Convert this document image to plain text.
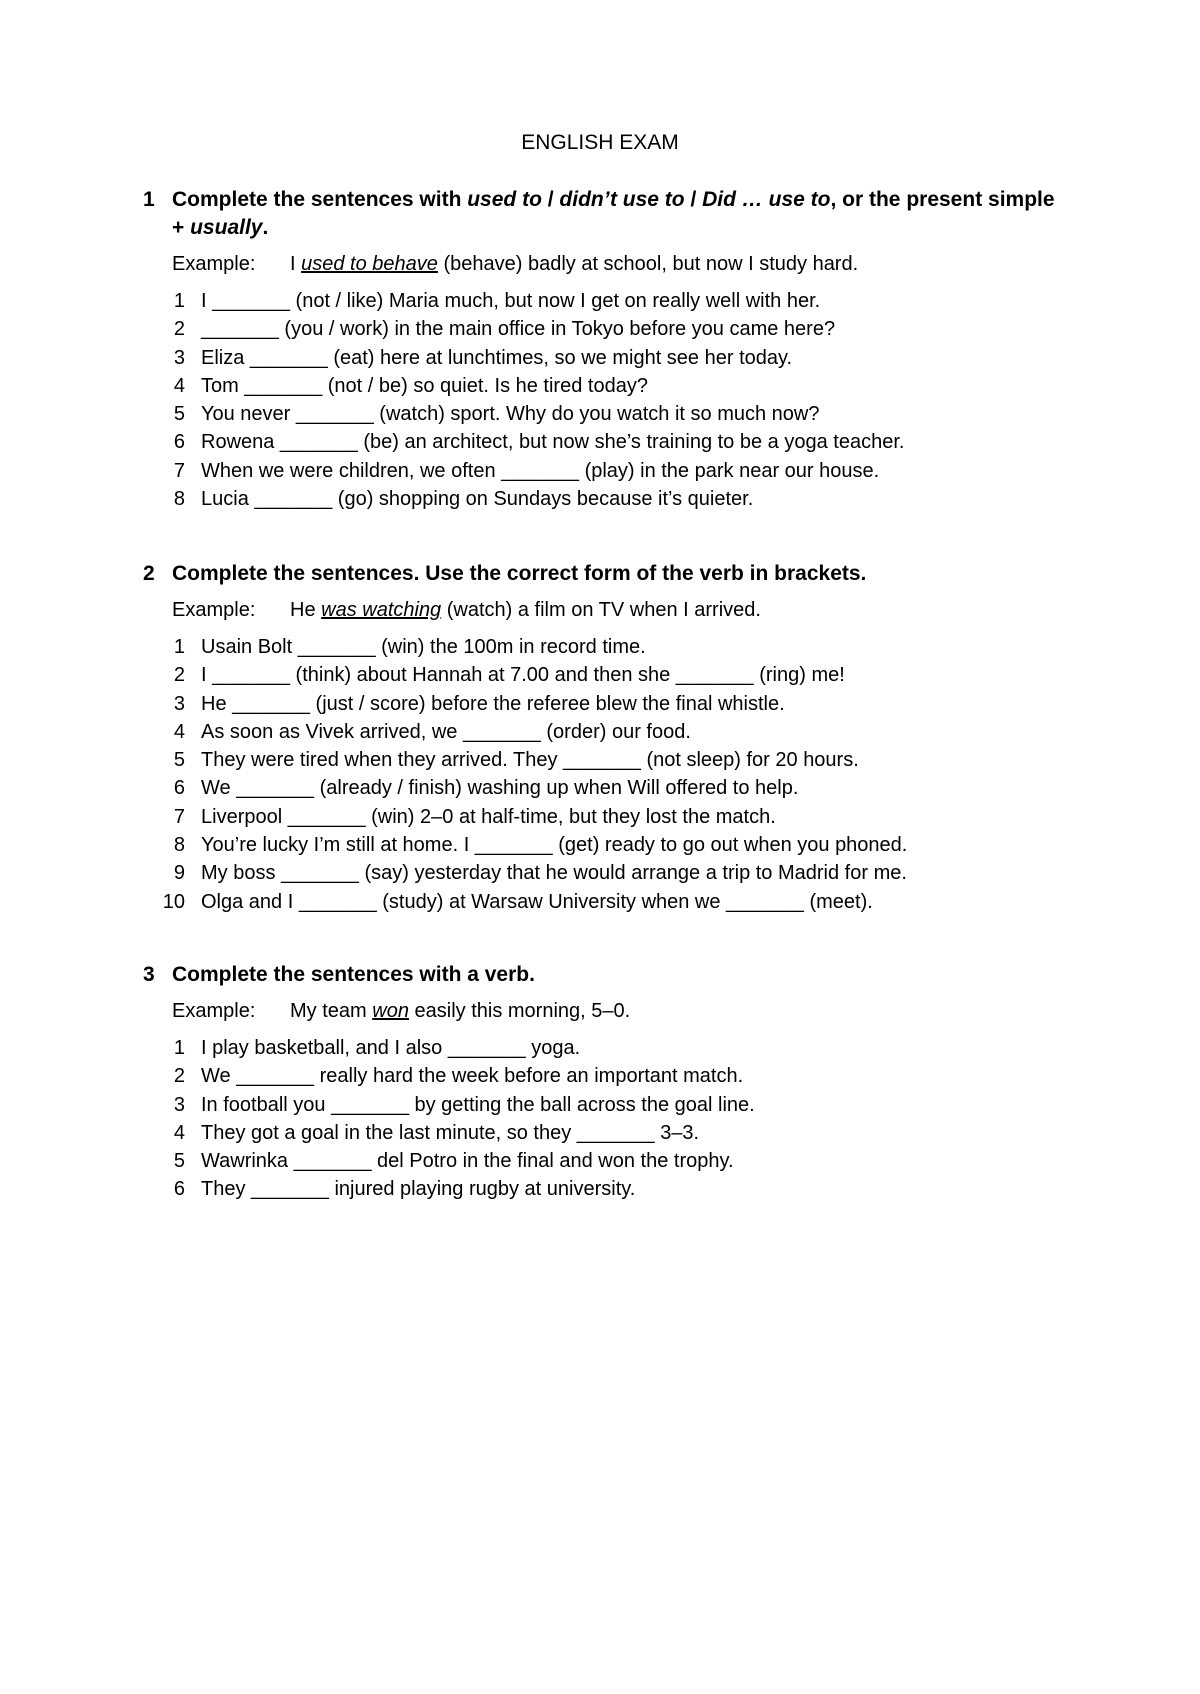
ENGLISH EXAM
1 Complete the sentences with used to / didn’t use to / Did … use to, or the present simple + usually.
Example: I used to behave (behave) badly at school, but now I study hard.
1 I _______ (not / like) Maria much, but now I get on really well with her.
2 _______ (you / work) in the main office in Tokyo before you came here?
3 Eliza _______ (eat) here at lunchtimes, so we might see her today.
4 Tom _______ (not / be) so quiet. Is he tired today?
5 You never _______ (watch) sport. Why do you watch it so much now?
6 Rowena _______ (be) an architect, but now she’s training to be a yoga teacher.
7 When we were children, we often _______ (play) in the park near our house.
8 Lucia _______ (go) shopping on Sundays because it’s quieter.
2 Complete the sentences. Use the correct form of the verb in brackets.
Example: He was watching (watch) a film on TV when I arrived.
1 Usain Bolt _______ (win) the 100m in record time.
2 I _______ (think) about Hannah at 7.00 and then she _______ (ring) me!
3 He _______ (just / score) before the referee blew the final whistle.
4 As soon as Vivek arrived, we _______ (order) our food.
5 They were tired when they arrived. They _______ (not sleep) for 20 hours.
6 We _______ (already / finish) washing up when Will offered to help.
7 Liverpool _______ (win) 2–0 at half-time, but they lost the match.
8 You’re lucky I’m still at home. I _______ (get) ready to go out when you phoned.
9 My boss _______ (say) yesterday that he would arrange a trip to Madrid for me.
10 Olga and I _______ (study) at Warsaw University when we _______ (meet).
3 Complete the sentences with a verb.
Example: My team won easily this morning, 5–0.
1 I play basketball, and I also _______ yoga.
2 We _______ really hard the week before an important match.
3 In football you _______ by getting the ball across the goal line.
4 They got a goal in the last minute, so they _______ 3–3.
5 Wawrinka _______ del Potro in the final and won the trophy.
6 They _______ injured playing rugby at university.
